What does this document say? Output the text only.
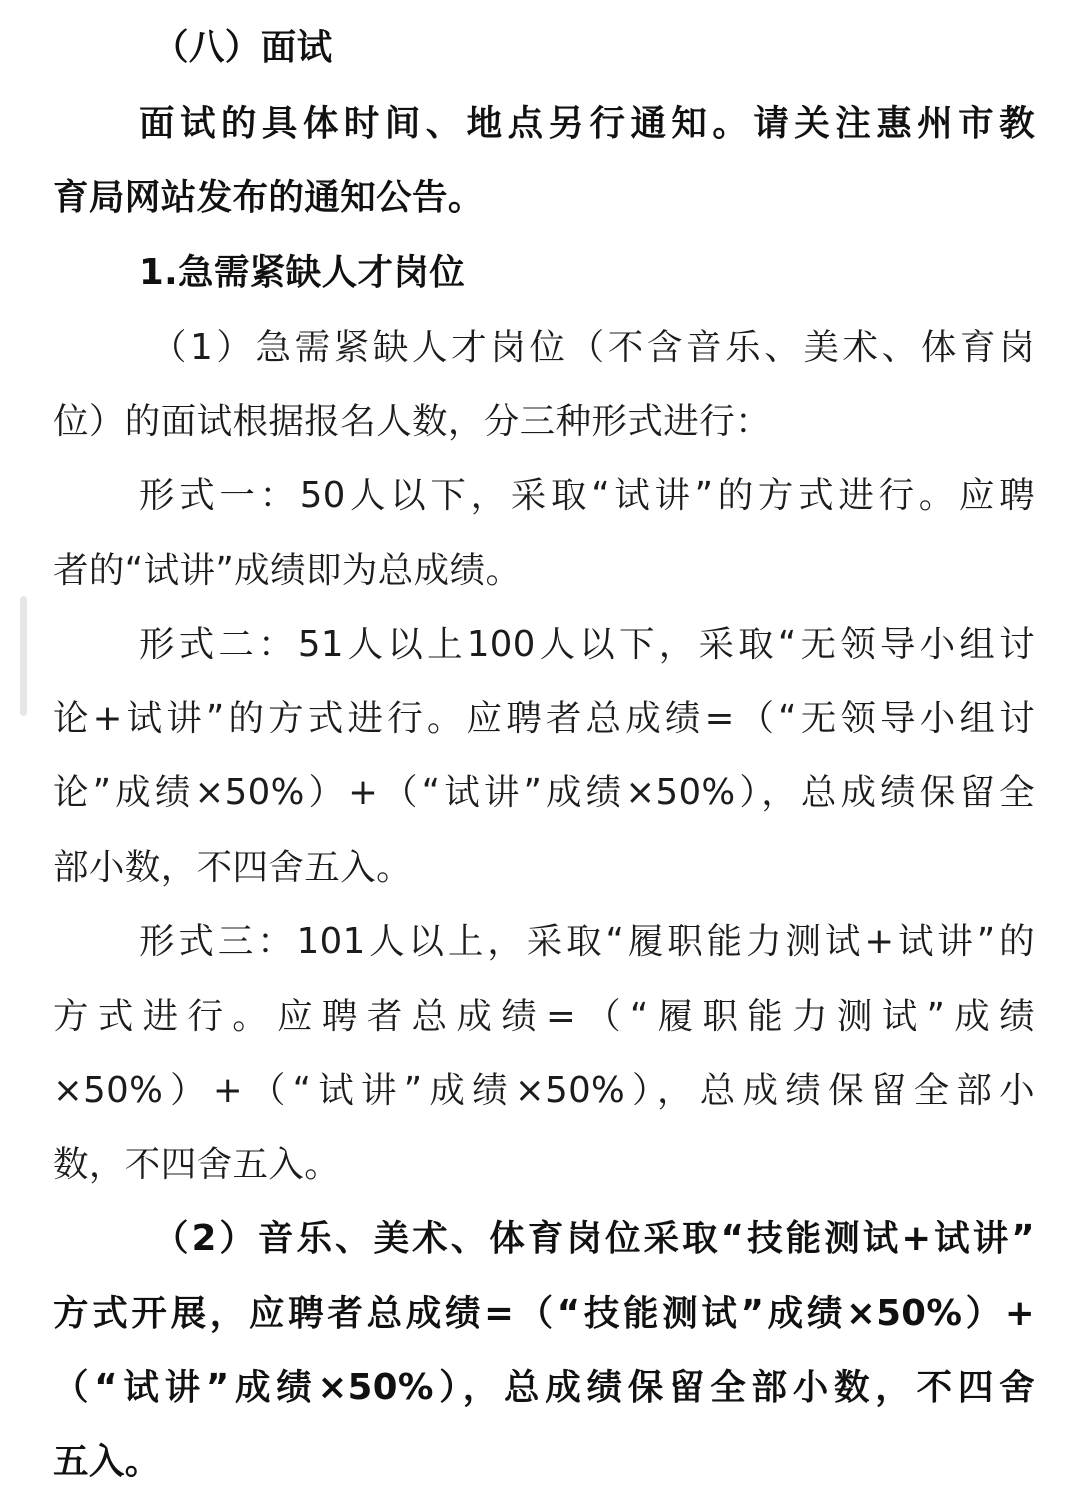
（八）面试
面试的具体时间、地点另行通知。请关注惠州市教
育局网站发布的通知公告。
1.急需紧缺人才岗位
（1）急需紧缺人才岗位（不含音乐、美术、体育岗
位）的面试根据报名人数，分三种形式进行：
形式一：50人以下，采取“试讲”的方式进行。应聘
者的“试讲”成绩即为总成绩。
形式二：51人以上100人以下，采取“无领导小组讨
论+试讲”的方式进行。应聘者总成绩=（“无领导小组讨
论”成绩×50%）+（“试讲”成绩×50%），总成绩保留全
部小数，不四舍五入。
形式三：101人以上，采取“履职能力测试+试讲”的
方式进行。应聘者总成绩=（“履职能力测试”成绩
×50%）+（“试讲”成绩×50%），总成绩保留全部小
数，不四舍五入。
（2）音乐、美术、体育岗位采取“技能测试+试讲”
方式开展，应聘者总成绩=（“技能测试”成绩×50%）+
（“试讲”成绩×50%），总成绩保留全部小数，不四舍
五入。
